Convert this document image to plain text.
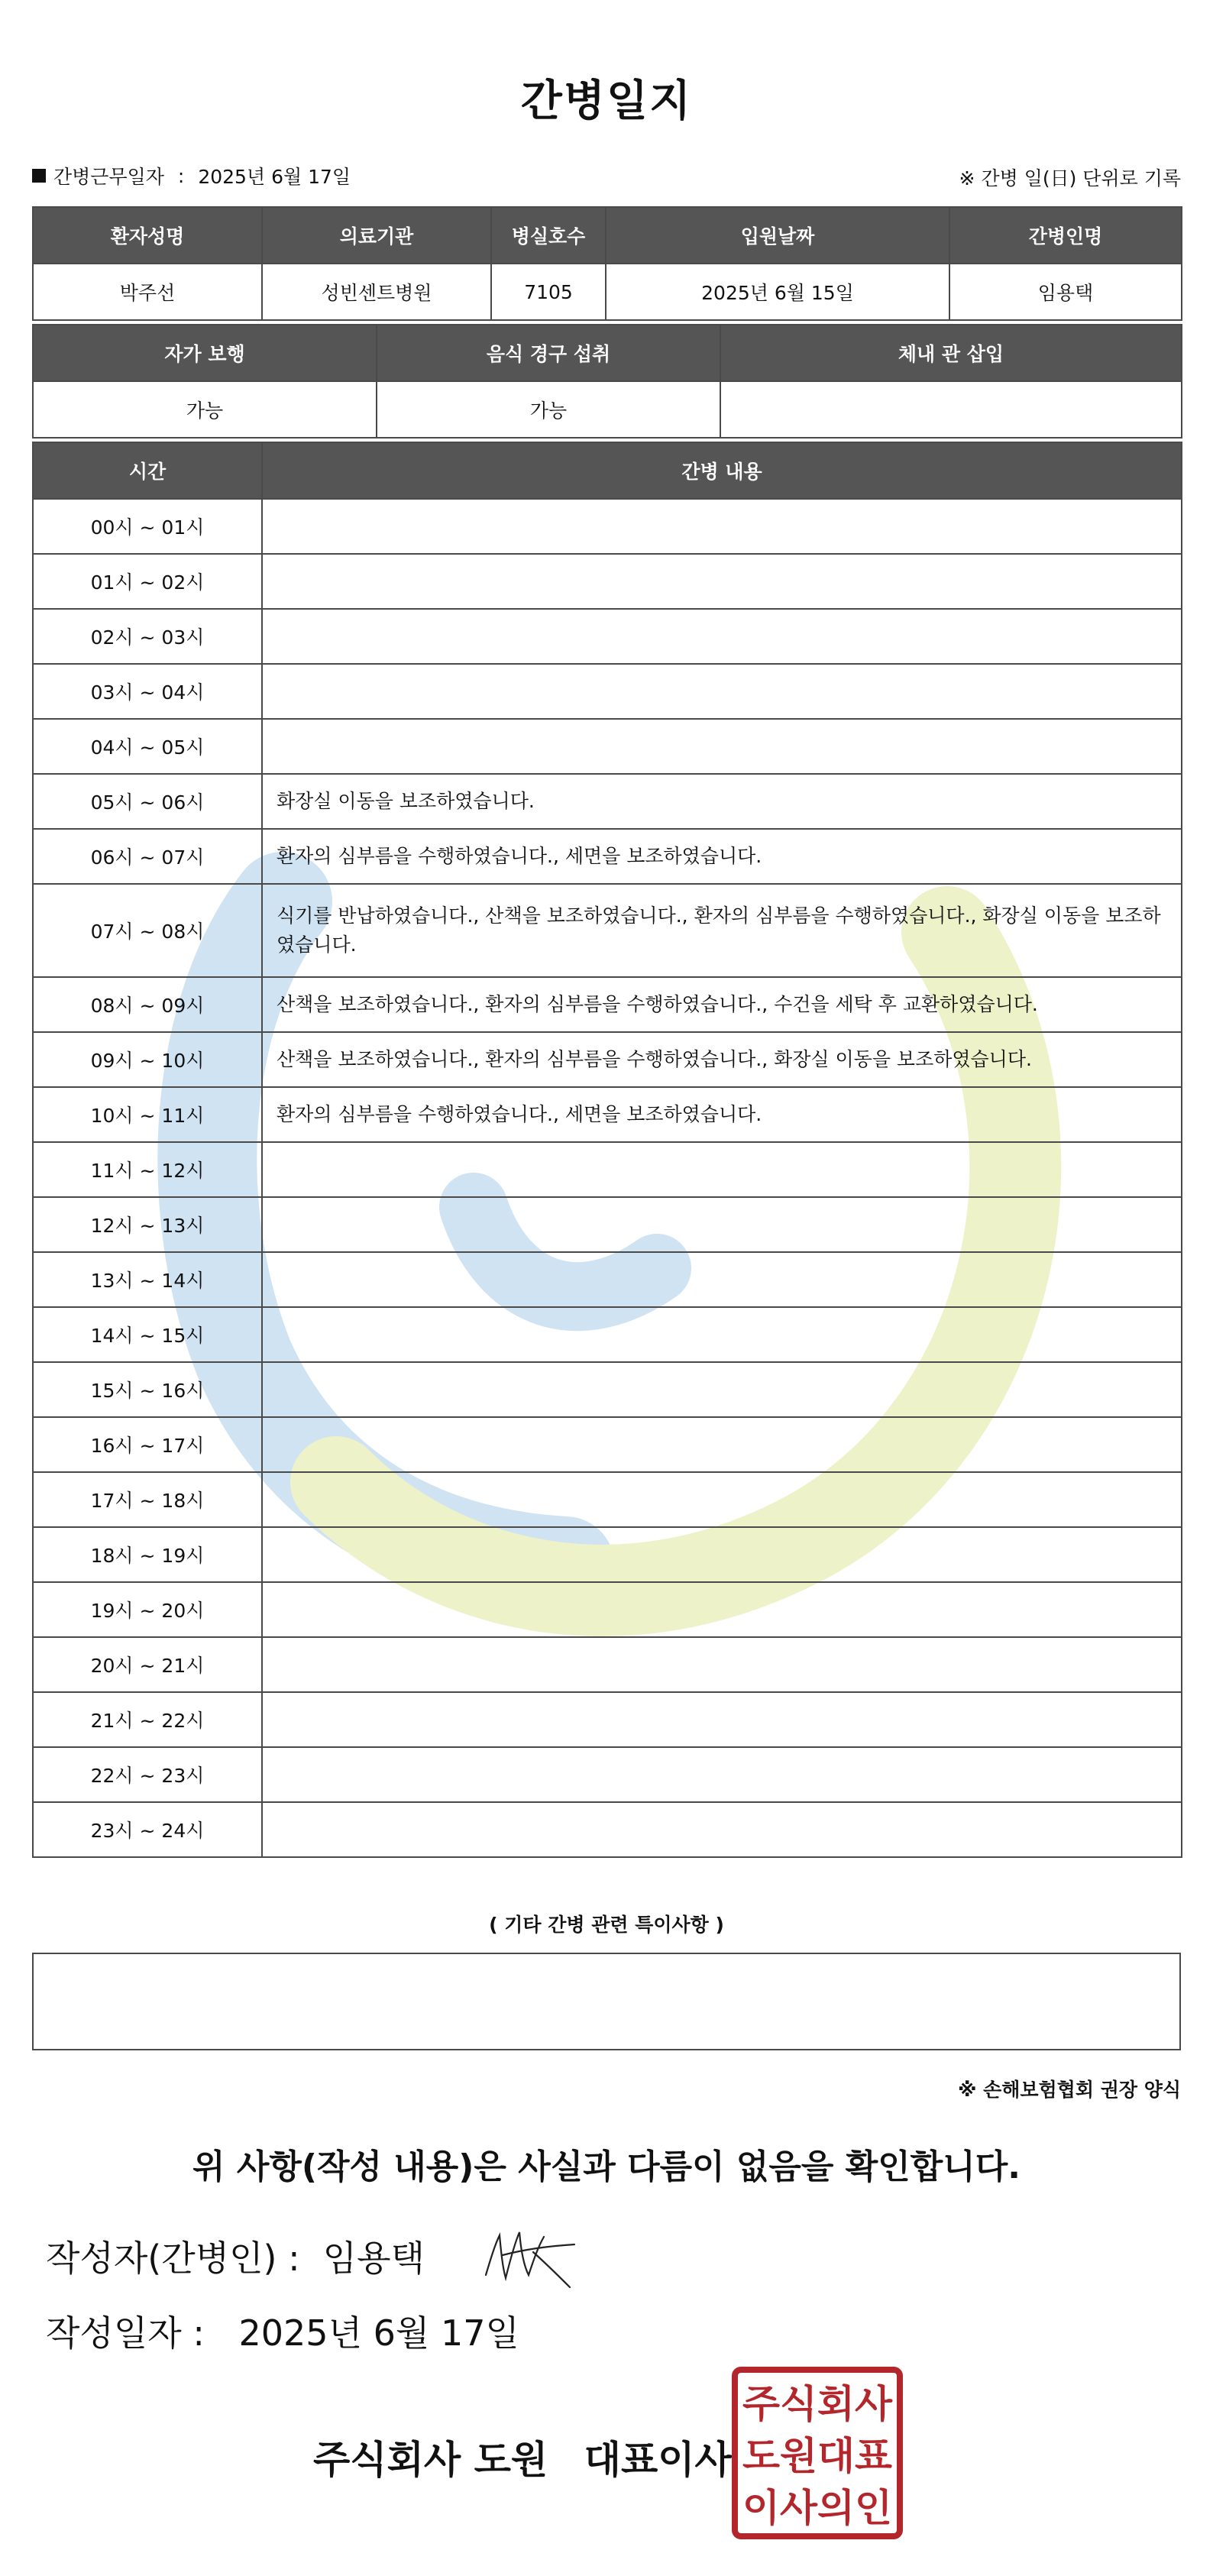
간병일지
간병근무일자 : 2025년 6월 17일	※ 간병 일(日) 단위로 기록
환자성명	의료기관	병실호수	입원날짜	간병인명
박주선	성빈센트병원	7105	2025년 6월 15일	임용택
자가 보행	음식 경구 섭취	체내 관 삽입
가능	가능	
시간	간병 내용
00시 ~ 01시	
01시 ~ 02시	
02시 ~ 03시	
03시 ~ 04시	
04시 ~ 05시	
05시 ~ 06시	화장실 이동을 보조하였습니다.
06시 ~ 07시	환자의 심부름을 수행하였습니다., 세면을 보조하였습니다.
07시 ~ 08시	식기를 반납하였습니다., 산책을 보조하였습니다., 환자의 심부름을 수행하였습니다., 화장실 이동을 보조하였습니다.
08시 ~ 09시	산책을 보조하였습니다., 환자의 심부름을 수행하였습니다., 수건을 세탁 후 교환하였습니다.
09시 ~ 10시	산책을 보조하였습니다., 환자의 심부름을 수행하였습니다., 화장실 이동을 보조하였습니다.
10시 ~ 11시	환자의 심부름을 수행하였습니다., 세면을 보조하였습니다.
11시 ~ 12시	
12시 ~ 13시	
13시 ~ 14시	
14시 ~ 15시	
15시 ~ 16시	
16시 ~ 17시	
17시 ~ 18시	
18시 ~ 19시	
19시 ~ 20시	
20시 ~ 21시	
21시 ~ 22시	
22시 ~ 23시	
23시 ~ 24시	
( 기타 간병 관련 특이사항 )
※ 손해보험협회 권장 양식
위 사항(작성 내용)은 사실과 다름이 없음을 확인합니다.
작성자(간병인) : 임용택
작성일자 : 2025년 6월 17일
주식회사 도원 대표이사
주식회사
도원대표
이사의인
